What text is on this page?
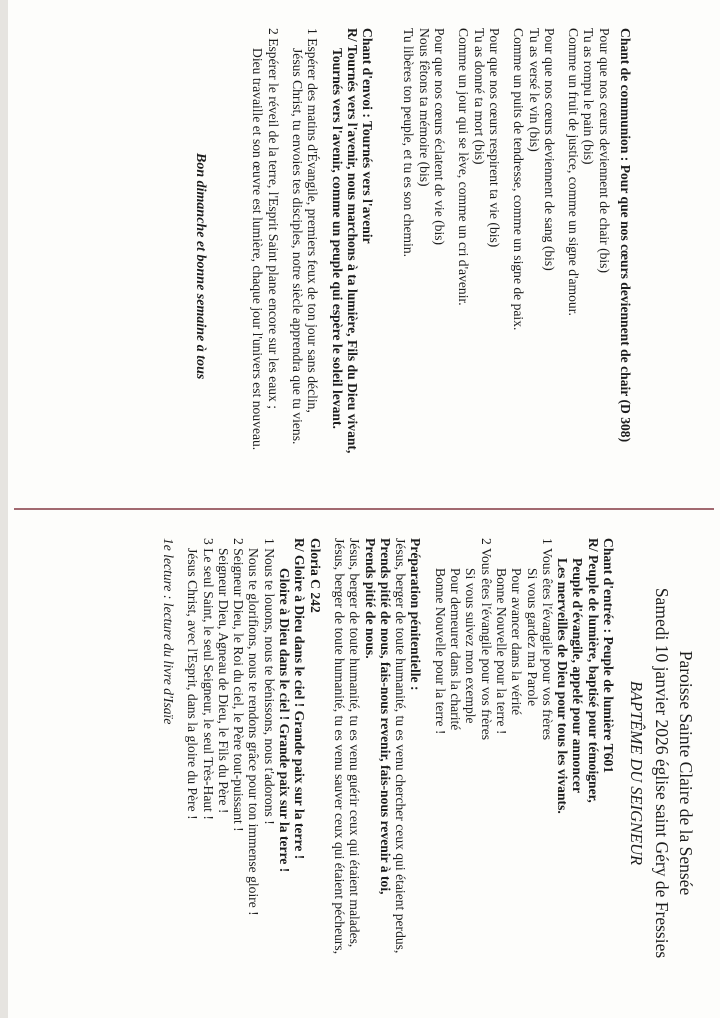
Paroisse Sainte Claire de la Sensée
Samedi 10 janvier 2026 église saint Géry de Fressies
BAPTÊME DU SEIGNEUR
Chant d'entrée : Peuple de lumière T601
R/ Peuple de lumière, baptisé pour témoigner,
Peuple d'évangile, appelé pour annoncer
Les merveilles de Dieu pour tous les vivants.
1 Vous êtes l'évangile pour vos frères
Si vous gardez ma Parole
Pour avancer dans la vérité
Bonne Nouvelle pour la terre !
2 Vous êtes l'évangile pour vos frères
Si vous suivez mon exemple
Pour demeurer dans la charité
Bonne Nouvelle pour la terre !
Préparation pénitentielle :
Jésus, berger de toute humanité, tu es venu chercher ceux qui étaient perdus,
Prends pitié de nous, fais-nous revenir, fais-nous revenir à toi,
Prends pitié de nous.
Jésus, berger de toute humanité, tu es venu guérir ceux qui étaient malades,
Jésus, berger de toute humanité, tu es venu sauver ceux qui étaient pécheurs,
Gloria C 242
R/ Gloire à Dieu dans le ciel ! Grande paix sur la terre !
Gloire à Dieu dans le ciel ! Grande paix sur la terre !
1 Nous te louons, nous te bénissons, nous t'adorons !
Nous te glorifions, nous te rendons grâce pour ton immense gloire !
2 Seigneur Dieu, le Roi du ciel, le Père tout-puissant !
Seigneur Dieu, Agneau de Dieu, le Fils du Père !
3 Le seul Saint, le seul Seigneur, le seul Très-Haut !
Jésus Christ, avec l'Esprit, dans la gloire du Père !
1e lecture : lecture du livre d'Isaïe
Chant de communion : Pour que nos cœurs deviennent de chair (D 308)
Pour que nos cœurs deviennent de chair (bis)
Tu as rompu le pain (bis)
Comme un fruit de justice, comme un signe d'amour.
Pour que nos cœurs deviennent de sang (bis)
Tu as versé le vin (bis)
Comme un puits de tendresse, comme un signe de paix.
Pour que nos cœurs respirent ta vie (bis)
Tu as donné ta mort (bis)
Comme un jour qui se lève, comme un cri d'avenir.
Pour que nos cœurs éclatent de vie (bis)
Nous fêtons ta mémoire (bis)
Tu libères ton peuple, et tu es son chemin.
Chant d'envoi : Tournés vers l'avenir
R/ Tournés vers l'avenir, nous marchons à ta lumière, Fils du Dieu vivant,
Tournés vers l'avenir, comme un peuple qui espère le soleil levant.
1 Espérer des matins d'Évangile, premiers feux de ton jour sans déclin,
Jésus Christ, tu envoies tes disciples, notre siècle apprendra que tu viens.
2 Espérer le réveil de la terre, l'Esprit Saint plane encore sur les eaux ;
Dieu travaille et son œuvre est lumière, chaque jour l'univers est nouveau.
Bon dimanche et bonne semaine à tous
